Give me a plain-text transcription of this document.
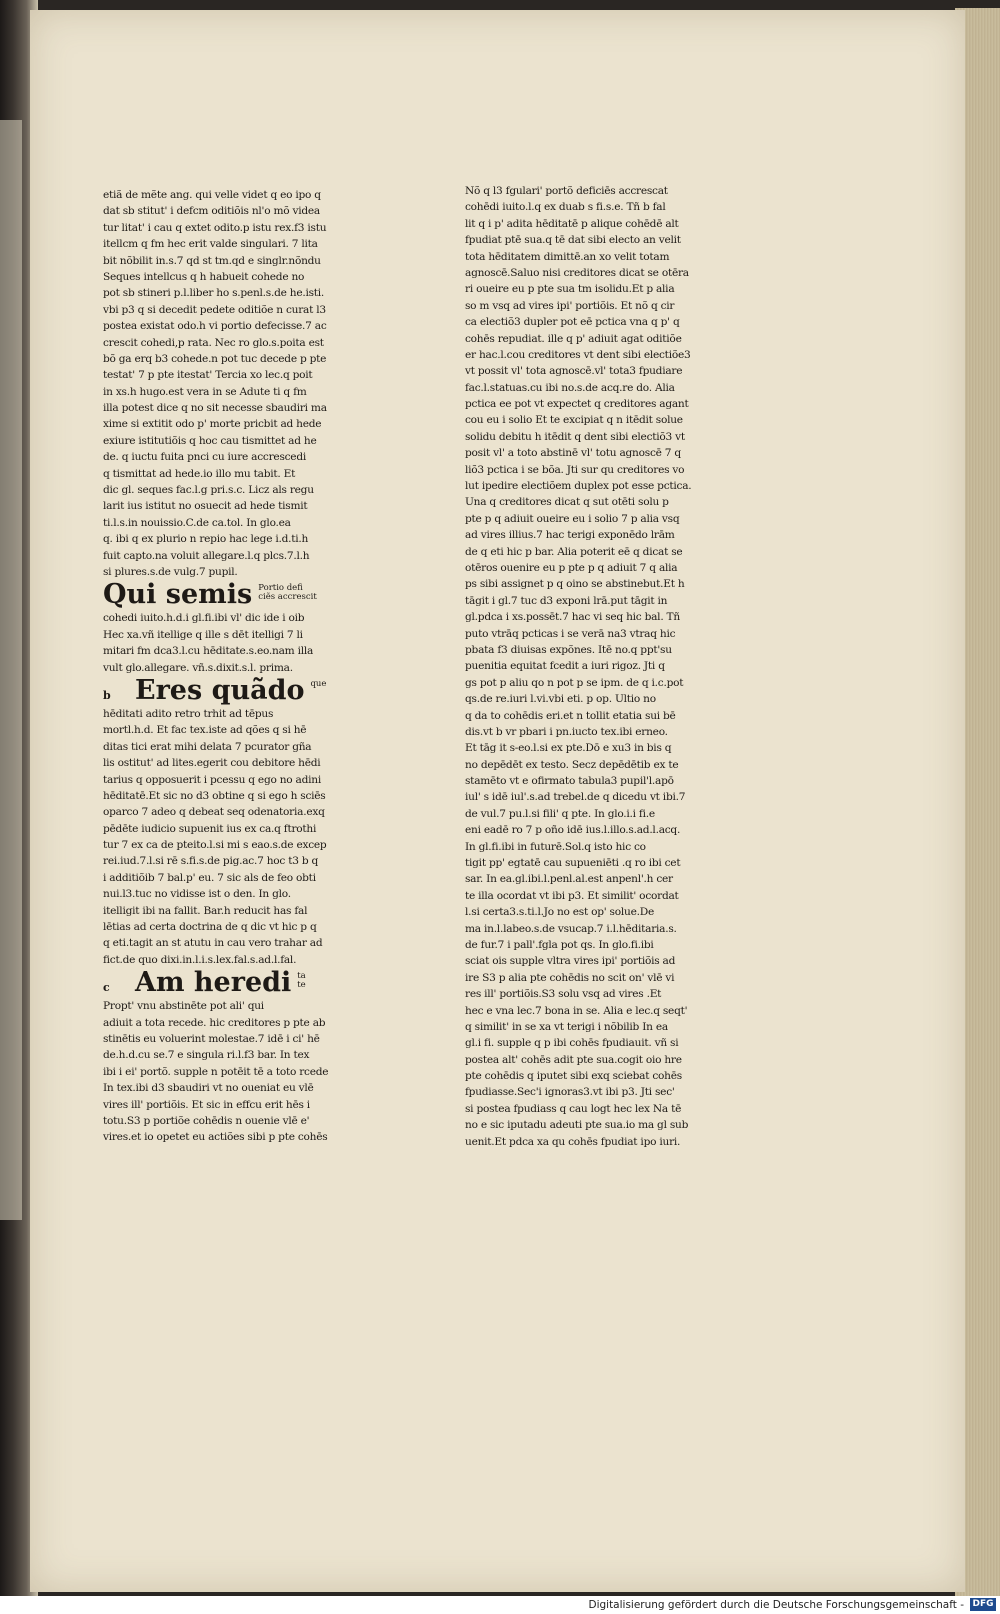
etiã de mẽte ang. qui velle videt q eo ipo q
dat sb stitut' i defcm oditiõis nl'o mõ videa
tur litat' i cau q extet odito.p istu rex.f3 istu
itellcm q fm hec erit valde singulari. 7 lita
bit nõbilit in.s.7 qd st tm.qd e singlr.nõndu
Seques intellcus q h habueit cohede no
pot sb stineri p.l.liber ho s.penl.s.de he.isti.
vbi p3 q si decedit pedete oditiõe n curat l3
postea existat odo.h vi portio defecisse.7 ac
crescit cohedi,p rata. Nec ro glo.s.poita est
bõ ga erq b3 cohede.n pot tuc decede p pte
testat' 7 p pte itestat' Tercia xo lec.q poit
in xs.h hugo.est vera in se Adute ti q fm
illa potest dice q no sit necesse sbaudiri ma
xime si extitit odo p' morte pricbit ad hede
exiure istitutiõis q hoc cau tismittet ad he
de. q iuctu fuita pnci cu iure accrescedi
q tismittat ad hede.io illo mu tabit. Et
dic gl. seques fac.l.g pri.s.c. Licz als regu
larit ius istitut no osuecit ad hede tismit
ti.l.s.in nouissio.C.de ca.tol. In glo.ea
q. ibi q ex plurio n repio hac lege i.d.ti.h
fuit capto.na voluit allegare.l.q plcs.7.l.h
si plures.s.de vulg.7 pupil.
Qui semis Portio defi
ciẽs accrescit
cohedi iuito.h.d.i gl.fi.ibi vl' dic ide i oib
Hec xa.vñ itellige q ille s dēt itelligi 7 li
mitari fm dca3.l.cu hēditate.s.eo.nam illa
vult glo.allegare. vñ.s.dixit.s.l. prima.
b Eres quãdo que
hēditati adito retro trhit ad tēpus
mortl.h.d. Et fac tex.iste ad qões q si hē
ditas tici erat mihi delata 7 pcurator gña
lis ostitut' ad lites.egerit cou debitore hēdi
tarius q opposuerit i pcessu q ego no adini
hēditatē.Et sic no d3 obtine q si ego h sciēs
oparco 7 adeo q debeat seq odenatoria.exq
pēdēte iudicio supuenit ius ex ca.q ftrothi
tur 7 ex ca de pteito.l.si mi s eao.s.de excep
rei.iud.7.l.si rē s.fi.s.de pig.ac.7 hoc t3 b q
i additiõib 7 bal.p' eu. 7 sic als de feo obti
nui.l3.tuc no vidisse ist o den. In glo.
itelligit ibi na fallit. Bar.h reducit has fal
lētias ad certa doctrina de q dic vt hic p q
q eti.tagit an st atutu in cau vero trahar ad
fict.de quo dixi.in.l.i.s.lex.fal.s.ad.l.fal.
c Am heredi ta
te
Propt' vnu abstinēte pot ali' qui
adiuit a tota recede. hic creditores p pte ab
stinētis eu voluerint molestae.7 idē i ci' hē
de.h.d.cu se.7 e singula ri.l.f3 bar. In tex
ibi i ei' portõ. supple n potēit tē a toto rcede
In tex.ibi d3 sbaudiri vt no oueniat eu vlē
vires ill' portiõis. Et sic in effcu erit hēs i
totu.S3 p portiõe cohēdis n ouenie vlē e'
vires.et io opetet eu actiões sibi p pte cohēs
Nõ q l3 fgulari' portõ deficiēs accrescat
cohēdi iuito.l.q ex duab s fi.s.e. Tñ b fal
lit q i p' adita hēditatē p alique cohēdē alt
fpudiat ptē sua.q tē dat sibi electo an velit
tota hēditatem dimittē.an xo velit totam
agnoscē.Saluo nisi creditores dicat se otēra
ri oueire eu p pte sua tm isolidu.Et p alia
so m vsq ad vires ipi' portiõis. Et nõ q cir
ca electiõ3 dupler pot eē pctica vna q p' q
cohēs repudiat. ille q p' adiuit agat oditiõe
er hac.l.cou creditores vt dent sibi electiõe3
vt possit vl' tota agnoscē.vl' tota3 fpudiare
fac.l.statuas.cu ibi no.s.de acq.re do. Alia
pctica ee pot vt expectet q creditores agant
cou eu i solio Et te excipiat q n itēdit solue
solidu debitu h itēdit q dent sibi electiõ3 vt
posit vl' a toto abstinē vl' totu agnoscē 7 q
liõ3 pctica i se bõa. Jti sur qu creditores vo
lut ipedire electiõem duplex pot esse pctica.
Una q creditores dicat q sut otēti solu p
pte p q adiuit oueire eu i solio 7 p alia vsq
ad vires illius.7 hac terigi exponēdo lrām
de q eti hic p bar. Alia poterit eē q dicat se
otēros ouenire eu p pte p q adiuit 7 q alia
ps sibi assignet p q oino se abstinebut.Et h
tāgit i gl.7 tuc d3 exponi lrā.put tāgit in
gl.pdca i xs.possēt.7 hac vi seq hic bal. Tñ
puto vtrāq pcticas i se verā na3 vtraq hic
pbata f3 diuisas expõnes. Itē no.q ppt'su
puenitia equitat fcedit a iuri rigoz. Jti q
gs pot p aliu qo n pot p se ipm. de q i.c.pot
qs.de re.iuri l.vi.vbi eti. p op. Ultio no
q da to cohēdis eri.et n tollit etatia sui bē
dis.vt b vr pbari i pn.iucto tex.ibi erneo.
Et tāg it s-eo.l.si ex pte.Dō e xu3 in bis q
no depēdēt ex testo. Secz depēdētib ex te
stamēto vt e ofirmato tabula3 pupil'l.apō
iul' s idē iul'.s.ad trebel.de q dicedu vt ibi.7
de vul.7 pu.l.si fili' q pte. In glo.i.i fi.e
eni eadē ro 7 p oño idē ius.l.illo.s.ad.l.acq.
In gl.fi.ibi in futurē.Sol.q isto hic co
tigit pp' egtatē cau supueniēti .q ro ibi cet
sar. In ea.gl.ibi.l.penl.al.est anpenl'.h cer
te illa ocordat vt ibi p3. Et similit' ocordat
l.si certa3.s.ti.l.Jo no est op' solue.De
ma in.l.labeo.s.de vsucap.7 i.l.hēditaria.s.
de fur.7 i pall'.fgla pot qs. In glo.fi.ibi
sciat ois supple vltra vires ipi' portiõis ad
ire S3 p alia pte cohēdis no scit on' vlē vi
res ill' portiõis.S3 solu vsq ad vires .Et
hec e vna lec.7 bona in se. Alia e lec.q seqt'
q similit' in se xa vt terigi i nõbilib In ea
gl.i fi. supple q p ibi cohēs fpudiauit. vñ si
postea alt' cohēs adit pte sua.cogit oio hre
pte cohēdis q iputet sibi exq sciebat cohēs
fpudiasse.Sec'i ignoras3.vt ibi p3. Jti sec'
si postea fpudiass q cau logt hec lex Na tē
no e sic iputadu adeuti pte sua.io ma gl sub
uenit.Et pdca xa qu cohēs fpudiat ipo iuri.
Digitalisierung gefördert durch die Deutsche Forschungsgemeinschaft - DFG
